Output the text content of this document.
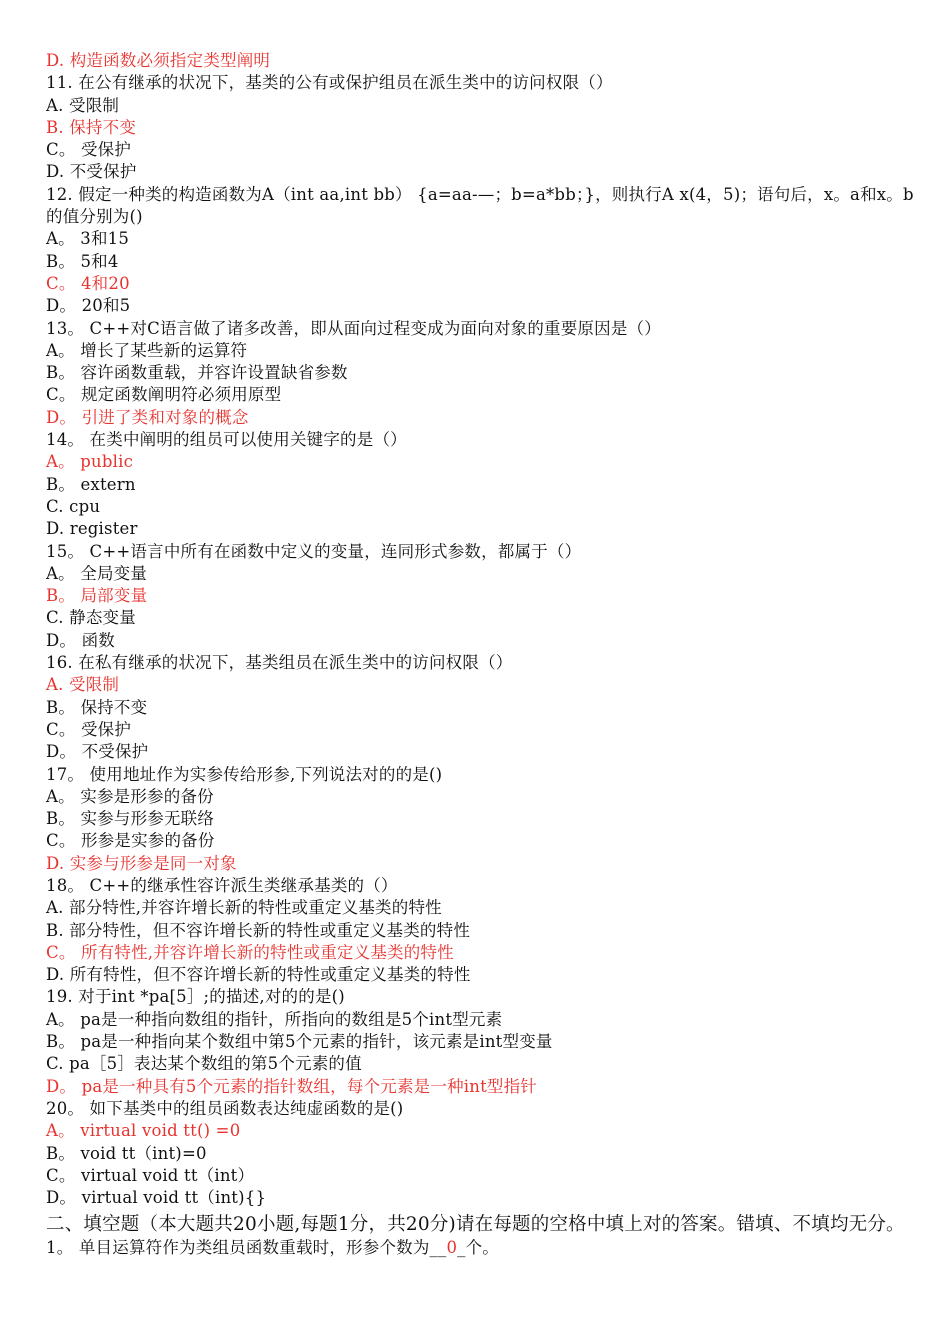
D. 构造函数必须指定类型阐明
11. 在公有继承的状况下，基类的公有或保护组员在派生类中的访问权限（）
A. 受限制
B. 保持不变
C。 受保护
D. 不受保护
12. 假定一种类的构造函数为A（int aa,int bb） {a=aa-—；b=a*bb；}，则执行A x(4，5)；语句后，x。a和x。b的值分别为()
A。 3和15
B。 5和4
C。 4和20
D。 20和5
13。 C++对C语言做了诸多改善，即从面向过程变成为面向对象的重要原因是（）
A。 增长了某些新的运算符
B。 容许函数重载，并容许设置缺省参数
C。 规定函数阐明符必须用原型
D。 引进了类和对象的概念
14。 在类中阐明的组员可以使用关键字的是（）
A。 public
B。 extern
C. cpu
D. register
15。 C++语言中所有在函数中定义的变量，连同形式参数，都属于（）
A。 全局变量
B。 局部变量
C. 静态变量
D。 函数
16. 在私有继承的状况下，基类组员在派生类中的访问权限（）
A. 受限制
B。 保持不变
C。 受保护
D。 不受保护
17。 使用地址作为实参传给形参,下列说法对的的是()
A。 实参是形参的备份
B。 实参与形参无联络
C。 形参是实参的备份
D. 实参与形参是同一对象
18。 C++的继承性容许派生类继承基类的（）
A. 部分特性,并容许增长新的特性或重定义基类的特性
B. 部分特性，但不容许增长新的特性或重定义基类的特性
C。 所有特性,并容许增长新的特性或重定义基类的特性
D. 所有特性，但不容许增长新的特性或重定义基类的特性
19. 对于int *pa[5］;的描述,对的的是()
A。 pa是一种指向数组的指针，所指向的数组是5个int型元素
B。 pa是一种指向某个数组中第5个元素的指针，该元素是int型变量
C. pa［5］表达某个数组的第5个元素的值
D。 pa是一种具有5个元素的指针数组，每个元素是一种int型指针
20。 如下基类中的组员函数表达纯虚函数的是()
A。 virtual void tt() =0
B。 void tt（int)=0
C。 virtual void tt（int）
D。 virtual void tt（int){}
二、填空题（本大题共20小题,每题1分，共20分)请在每题的空格中填上对的答案。错填、不填均无分。
1。 单目运算符作为类组员函数重载时，形参个数为__0_个。
